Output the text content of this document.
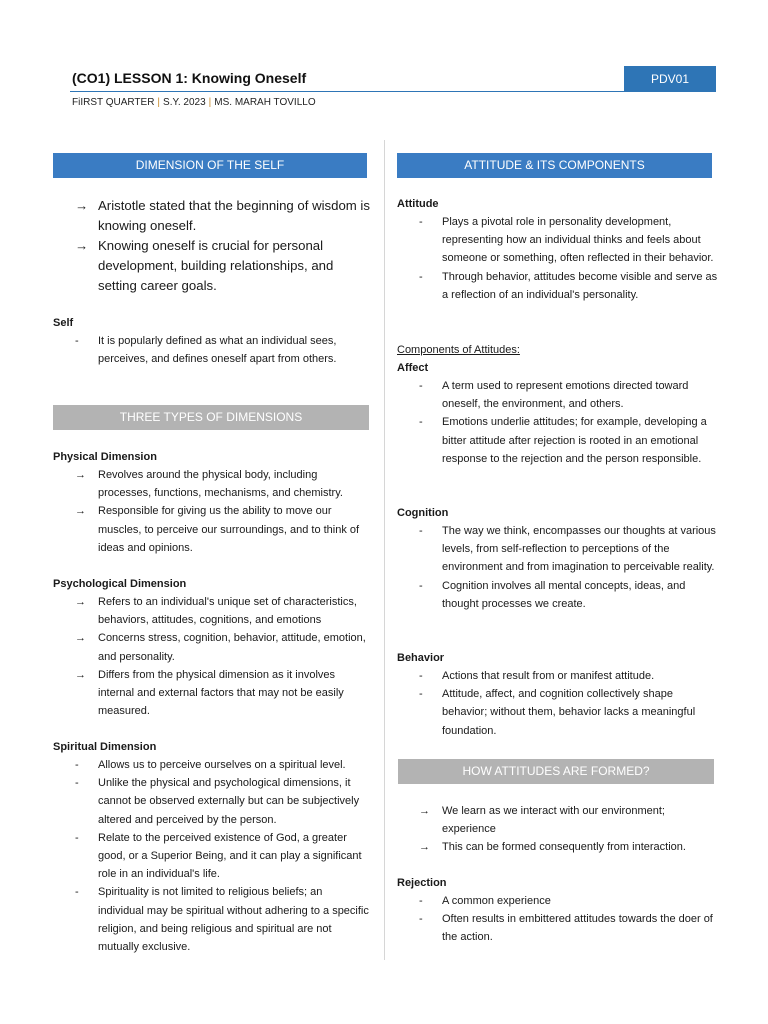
(CO1) LESSON 1: Knowing Oneself	PDV01
FiIRST QUARTER | S.Y. 2023 | MS. MARAH TOVILLO
DIMENSION OF THE SELF
→ Aristotle stated that the beginning of wisdom is knowing oneself.
→ Knowing oneself is crucial for personal development, building relationships, and setting career goals.
Self
-	It is popularly defined as what an individual sees, perceives, and defines oneself apart from others.
THREE TYPES OF DIMENSIONS
Physical Dimension
→	Revolves around the physical body, including processes, functions, mechanisms, and chemistry.
→	Responsible for giving us the ability to move our muscles, to perceive our surroundings, and to think of ideas and opinions.
Psychological Dimension
→	Refers to an individual's unique set of characteristics, behaviors, attitudes, cognitions, and emotions
→	Concerns stress, cognition, behavior, attitude, emotion, and personality.
→	Differs from the physical dimension as it involves internal and external factors that may not be easily measured.
Spiritual Dimension
-	Allows us to perceive ourselves on a spiritual level.
-	Unlike the physical and psychological dimensions, it cannot be observed externally but can be subjectively altered and perceived by the person.
-	Relate to the perceived existence of God, a greater good, or a Superior Being, and it can play a significant role in an individual's life.
-	Spirituality is not limited to religious beliefs; an individual may be spiritual without adhering to a specific religion, and being religious and spiritual are not mutually exclusive.
ATTITUDE & ITS COMPONENTS
Attitude
-	Plays a pivotal role in personality development, representing how an individual thinks and feels about someone or something, often reflected in their behavior.
-	Through behavior, attitudes become visible and serve as a reflection of an individual's personality.
Components of Attitudes:
Affect
-	A term used to represent emotions directed toward oneself, the environment, and others.
-	Emotions underlie attitudes; for example, developing a bitter attitude after rejection is rooted in an emotional response to the rejection and the person responsible.
Cognition
-	The way we think, encompasses our thoughts at various levels, from self-reflection to perceptions of the environment and from imagination to perceivable reality.
-	Cognition involves all mental concepts, ideas, and thought processes we create.
Behavior
-	Actions that result from or manifest attitude.
-	Attitude, affect, and cognition collectively shape behavior; without them, behavior lacks a meaningful foundation.
HOW ATTITUDES ARE FORMED?
→	We learn as we interact with our environment; experience
→	This can be formed consequently from interaction.
Rejection
-	A common experience
-	Often results in embittered attitudes towards the doer of the action.
